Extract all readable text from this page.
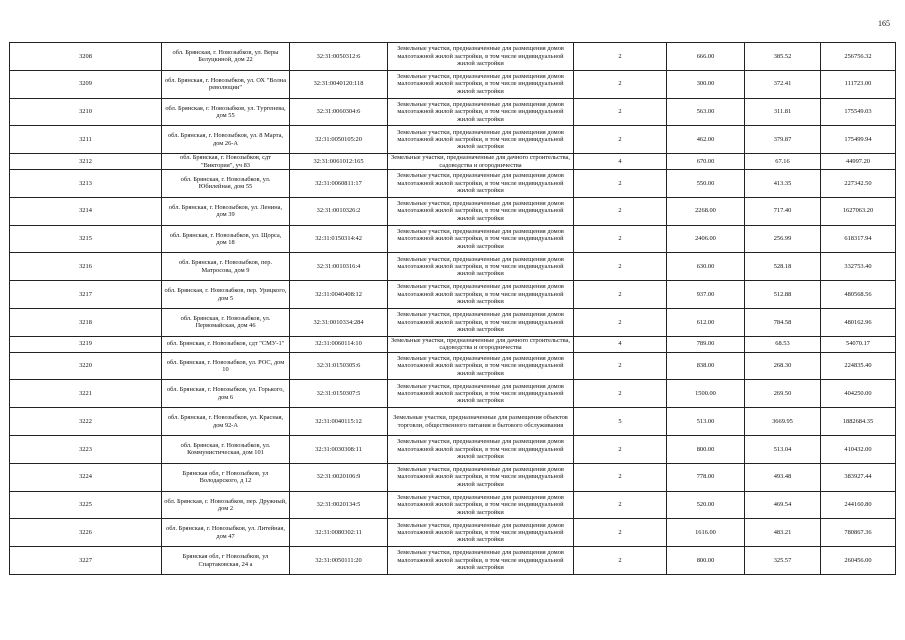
165
3208	обл. Брянская, г. Новозыбков, ул. Веры Белуцкиной, дом 22	32:31:0050312:6	Земельные участки, предназначенные для размещения домов малоэтажной жилой застройки, в том числе индивидуальной жилой застройки	2	666.00	385.52	256756.32
3209	обл. Брянская, г. Новозыбков, ул. ОХ "Волна революции"	32:31:0040120:118	Земельные участки, предназначенные для размещения домов малоэтажной жилой застройки, в том числе индивидуальной жилой застройки	2	300.00	372.41	111723.00
3210	обл. Брянская, г. Новозыбков, ул. Тургенева, дом 55	32:31:0060304:6	Земельные участки, предназначенные для размещения домов малоэтажной жилой застройки, в том числе индивидуальной жилой застройки	2	563.00	311.81	175549.03
3211	обл. Брянская, г. Новозыбков, ул. 8 Марта, дом 26-А	32:31:0050105:20	Земельные участки, предназначенные для размещения домов малоэтажной жилой застройки, в том числе индивидуальной жилой застройки	2	462.00	379.87	175499.94
3212	обл. Брянская, г. Новозыбков, сдт "Виктория", уч 83	32:31:0061012:165	Земельные участки, предназначенные для дачного строительства, садоводства и огородничества	4	670.00	67.16	44997.20
3213	обл. Брянская, г. Новозыбков, ул. Юбилейная, дом 55	32:31:0060811:17	Земельные участки, предназначенные для размещения домов малоэтажной жилой застройки, в том числе индивидуальной жилой застройки	2	550.00	413.35	227342.50
3214	обл. Брянская, г. Новозыбков, ул. Ленина, дом 39	32:31:0010326:2	Земельные участки, предназначенные для размещения домов малоэтажной жилой застройки, в том числе индивидуальной жилой застройки	2	2268.00	717.40	1627063.20
3215	обл. Брянская, г. Новозыбков, ул. Щорса, дом 18	32:31:0150314:42	Земельные участки, предназначенные для размещения домов малоэтажной жилой застройки, в том числе индивидуальной жилой застройки	2	2406.00	256.99	618317.94
3216	обл. Брянская, г. Новозыбков, пер. Матросова, дом 9	32:31:0010316:4	Земельные участки, предназначенные для размещения домов малоэтажной жилой застройки, в том числе индивидуальной жилой застройки	2	630.00	528.18	332753.40
3217	обл. Брянская, г. Новозыбков, пер. Урицкого, дом 5	32:31:0040408:12	Земельные участки, предназначенные для размещения домов малоэтажной жилой застройки, в том числе индивидуальной жилой застройки	2	937.00	512.88	480568.56
3218	обл. Брянская, г. Новозыбков, ул. Первомайская, дом 46	32:31:0010334:284	Земельные участки, предназначенные для размещения домов малоэтажной жилой застройки, в том числе индивидуальной жилой застройки	2	612.00	784.58	480162.96
3219	обл. Брянская, г. Новозыбков, сдт "СМУ-1"	32:31:0060114:10	Земельные участки, предназначенные для дачного строительства, садоводства и огородничества	4	789.00	68.53	54070.17
3220	обл. Брянская, г. Новозыбков, ул. РОС, дом 10	32:31:0150305:6	Земельные участки, предназначенные для размещения домов малоэтажной жилой застройки, в том числе индивидуальной жилой застройки	2	838.00	268.30	224835.40
3221	обл. Брянская, г. Новозыбков, ул. Горького, дом 6	32:31:0150307:5	Земельные участки, предназначенные для размещения домов малоэтажной жилой застройки, в том числе индивидуальной жилой застройки	2	1500.00	269.50	404250.00
3222	обл. Брянская, г. Новозыбков, ул. Красная, дом 92-А	32:31:0040115:12	Земельные участки, предназначенные для размещения объектов торговли, общественного питания и бытового обслуживания	5	513.00	3669.95	1882684.35
3223	обл. Брянская, г. Новозыбков, ул. Коммунистическая, дом 101	32:31:0030308:11	Земельные участки, предназначенные для размещения домов малоэтажной жилой застройки, в том числе индивидуальной жилой застройки	2	800.00	513.04	410432.00
3224	Брянская обл, г Новозыбков, ул Володарского, д 12	32:31:0020106:9	Земельные участки, предназначенные для размещения домов малоэтажной жилой застройки, в том числе индивидуальной жилой застройки	2	778.00	493.48	383927.44
3225	обл. Брянская, г. Новозыбков, пер. Дружный, дом 2	32:31:0020134:5	Земельные участки, предназначенные для размещения домов малоэтажной жилой застройки, в том числе индивидуальной жилой застройки	2	520.00	469.54	244160.80
3226	обл. Брянская, г. Новозыбков, ул. Литейная, дом 47	32:31:0080302:11	Земельные участки, предназначенные для размещения домов малоэтажной жилой застройки, в том числе индивидуальной жилой застройки	2	1616.00	483.21	780867.36
3227	Брянская обл, г Новозыбков, ул Спартаковская, 24 а	32:31:0050111:20	Земельные участки, предназначенные для размещения домов малоэтажной жилой застройки, в том числе индивидуальной жилой застройки	2	800.00	325.57	260456.00
